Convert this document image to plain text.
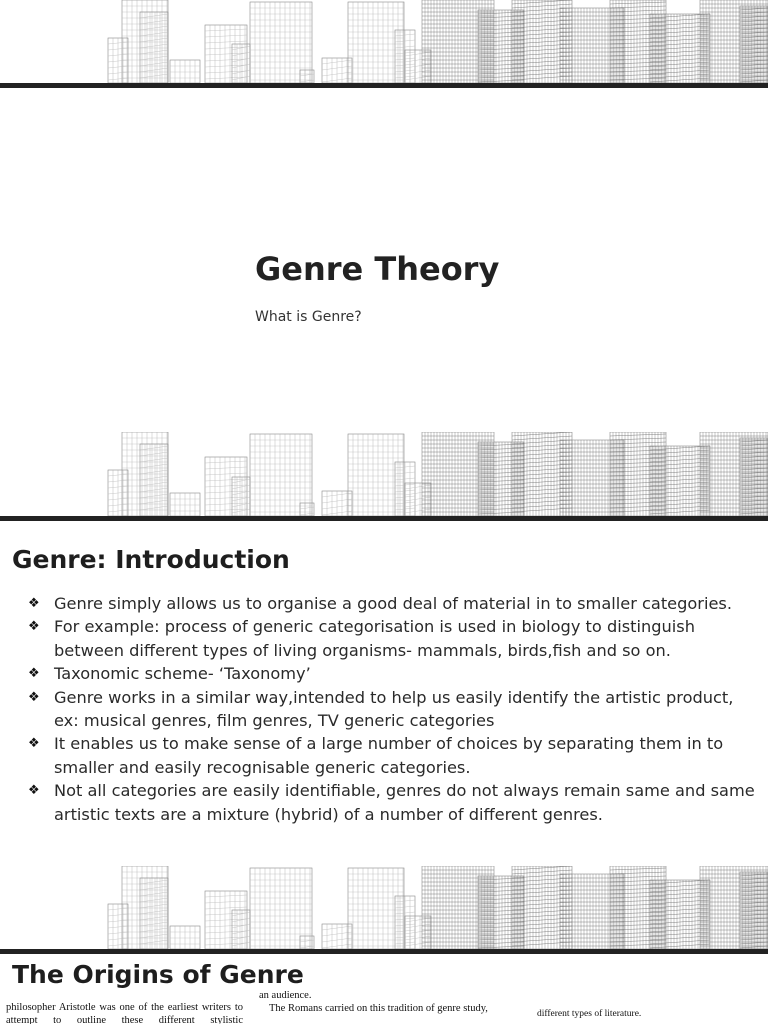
Genre Theory
What is Genre?
Genre: Introduction
❖ Genre simply allows us to organise a good deal of material in to smaller categories.
❖ For example: process of generic categorisation is used in biology to distinguish between different types of living organisms- mammals, birds,fish and so on.
❖ Taxonomic scheme- ‘Taxonomy’
❖ Genre works in a similar way,intended to help us easily identify the artistic product, ex: musical genres, film genres, TV generic categories
❖ It enables us to make sense of a large number of choices by separating them in to smaller and easily recognisable generic categories.
❖ Not all categories are easily identifiable, genres do not always remain same and same artistic texts are a mixture (hybrid) of a number of different genres.
The Origins of Genre
philosopher Aristotle was one of the earliest writers to
attempt to outline these different stylistic
an audience.
The Romans carried on this tradition of genre study,	different types of literature.
